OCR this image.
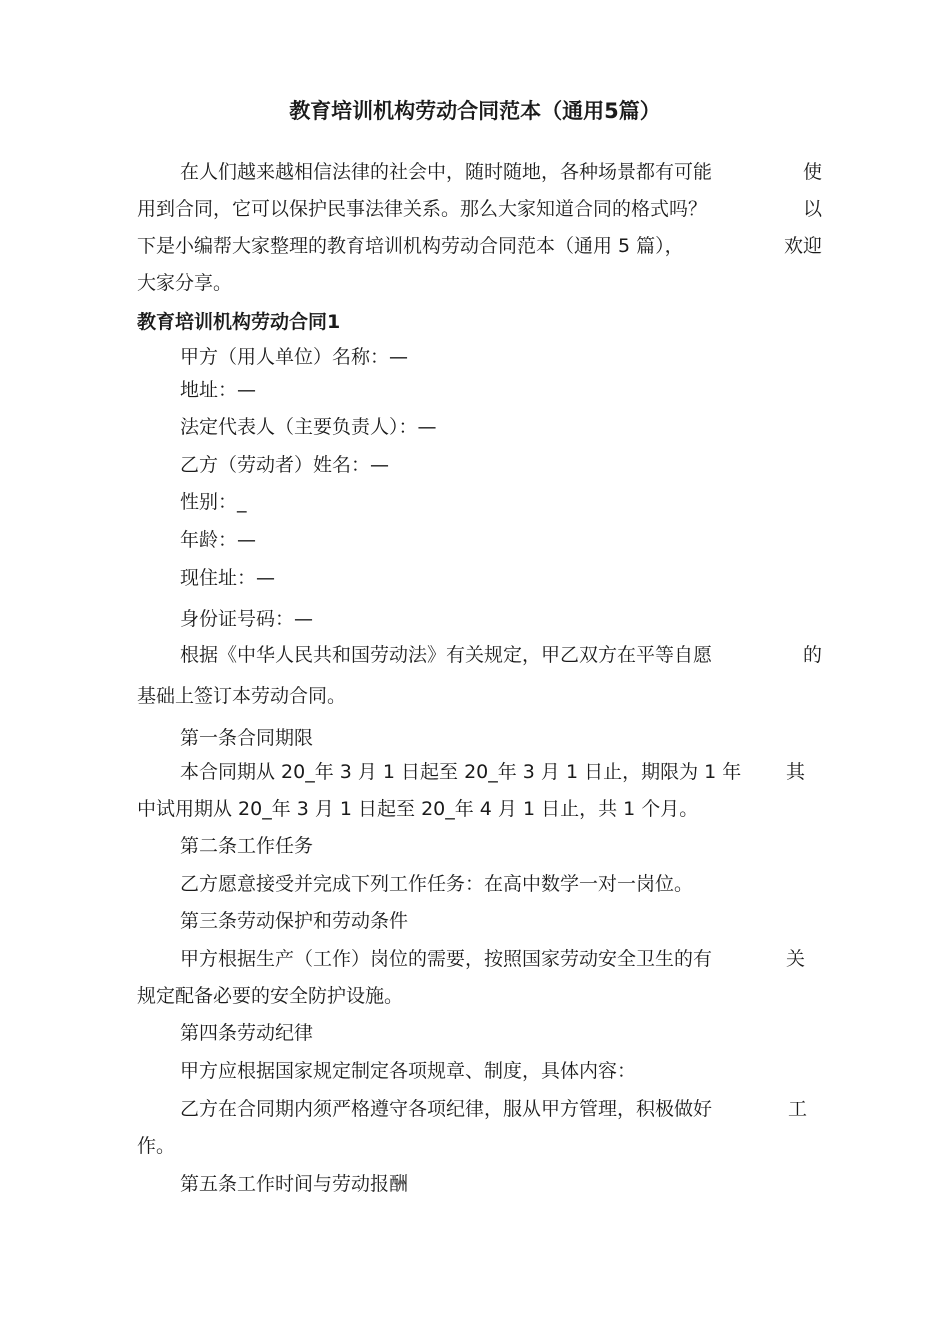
教育培训机构劳动合同范本（通用5篇）
在人们越来越相信法律的社会中，随时随地，各种场景都有可能	使
用到合同，它可以保护民事法律关系。那么大家知道合同的格式吗？	以
下是小编帮大家整理的教育培训机构劳动合同范本（通用 5 篇），	欢迎
大家分享。
教育培训机构劳动合同1
甲方（用人单位）名称：—
地址：—
法定代表人（主要负责人）：—
乙方（劳动者）姓名：—
性别：_
年龄：—
现住址：—
身份证号码：—
根据《中华人民共和国劳动法》有关规定，甲乙双方在平等自愿	的
基础上签订本劳动合同。
第一条合同期限
本合同期从 20_年 3 月 1 日起至 20_年 3 月 1 日止，期限为 1 年 其
中试用期从 20_年 3 月 1 日起至 20_年 4 月 1 日止，共 1 个月。
第二条工作任务
乙方愿意接受并完成下列工作任务：在高中数学一对一岗位。
第三条劳动保护和劳动条件
甲方根据生产（工作）岗位的需要，按照国家劳动安全卫生的有	关
规定配备必要的安全防护设施。
第四条劳动纪律
甲方应根据国家规定制定各项规章、制度，具体内容：
乙方在合同期内须严格遵守各项纪律，服从甲方管理，积极做好	工
作。
第五条工作时间与劳动报酬
